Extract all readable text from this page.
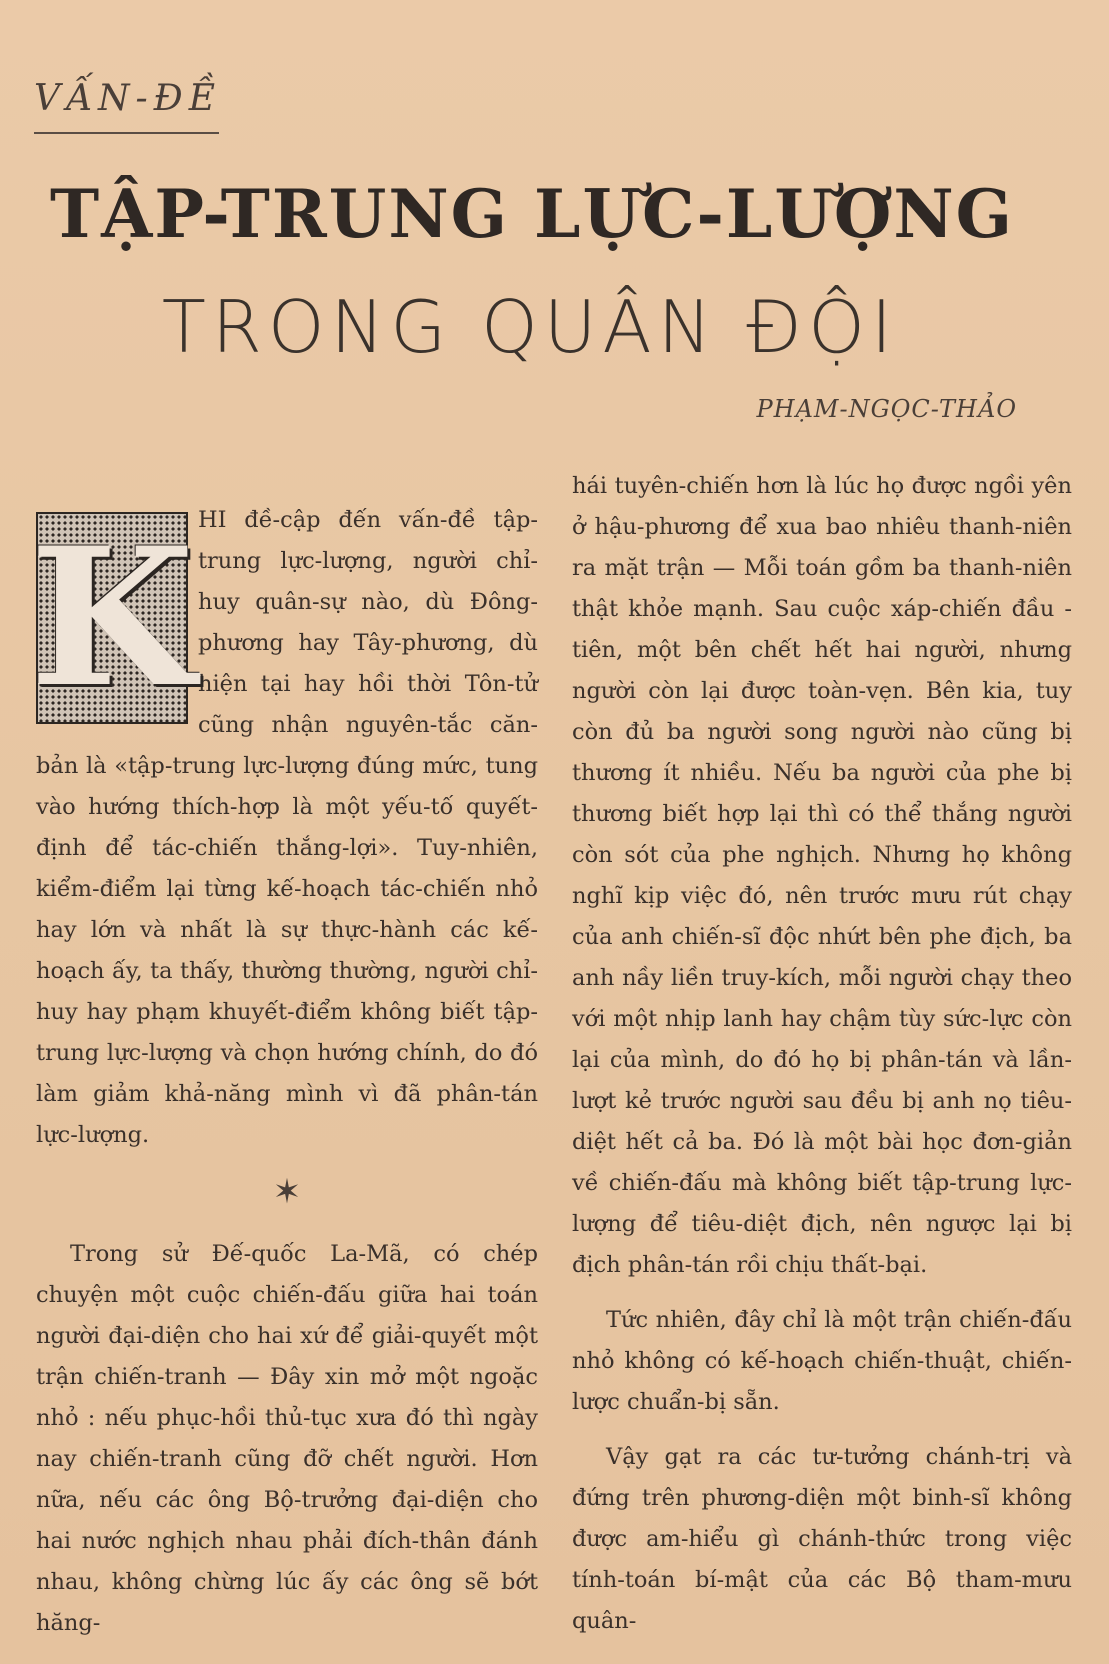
VẤN-ĐỀ
TẬP-TRUNG LỰC-LƯỢNG
TRONG QUÂN ĐỘI
PHẠM-NGỌC-THẢO
K HI đề-cập đến vấn-đề tập-trung lực-lượng, người chỉ-huy quân-sự nào, dù Đông-phương hay Tây-phương, dù hiện tại hay hồi thời Tôn-tử cũng nhận nguyên-tắc căn-bản là «tập-trung lực-lượng đúng mức, tung vào hướng thích-hợp là một yếu-tố quyết-định để tác-chiến thắng-lợi». Tuy-nhiên, kiểm-điểm lại từng kế-hoạch tác-chiến nhỏ hay lớn và nhất là sự thực-hành các kế-hoạch ấy, ta thấy, thường thường, người chỉ-huy hay phạm khuyết-điểm không biết tập-trung lực-lượng và chọn hướng chính, do đó làm giảm khả-năng mình vì đã phân-tán lực-lượng.

✶

Trong sử Đế-quốc La-Mã, có chép chuyện một cuộc chiến-đấu giữa hai toán người đại-diện cho hai xứ để giải-quyết một trận chiến-tranh — Đây xin mở một ngoặc nhỏ : nếu phục-hồi thủ-tục xưa đó thì ngày nay chiến-tranh cũng đỡ chết người. Hơn nữa, nếu các ông Bộ-trưởng đại-diện cho hai nước nghịch nhau phải đích-thân đánh nhau, không chừng lúc ấy các ông sẽ bớt hăng-

hái tuyên-chiến hơn là lúc họ được ngồi yên ở hậu-phương để xua bao nhiêu thanh-niên ra mặt trận — Mỗi toán gồm ba thanh-niên thật khỏe mạnh. Sau cuộc xáp-chiến đầu - tiên, một bên chết hết hai người, nhưng người còn lại được toàn-vẹn. Bên kia, tuy còn đủ ba người song người nào cũng bị thương ít nhiều. Nếu ba người của phe bị thương biết hợp lại thì có thể thắng người còn sót của phe nghịch. Nhưng họ không nghĩ kịp việc đó, nên trước mưu rút chạy của anh chiến-sĩ độc nhứt bên phe địch, ba anh nầy liền truy-kích, mỗi người chạy theo với một nhịp lanh hay chậm tùy sức-lực còn lại của mình, do đó họ bị phân-tán và lần-lượt kẻ trước người sau đều bị anh nọ tiêu-diệt hết cả ba. Đó là một bài học đơn-giản về chiến-đấu mà không biết tập-trung lực-lượng để tiêu-diệt địch, nên ngược lại bị địch phân-tán rồi chịu thất-bại.

Tức nhiên, đây chỉ là một trận chiến-đấu nhỏ không có kế-hoạch chiến-thuật, chiến-lược chuẩn-bị sẵn.

Vậy gạt ra các tư-tưởng chánh-trị và đứng trên phương-diện một binh-sĩ không được am-hiểu gì chánh-thức trong việc tính-toán bí-mật của các Bộ tham-mưu quân-
